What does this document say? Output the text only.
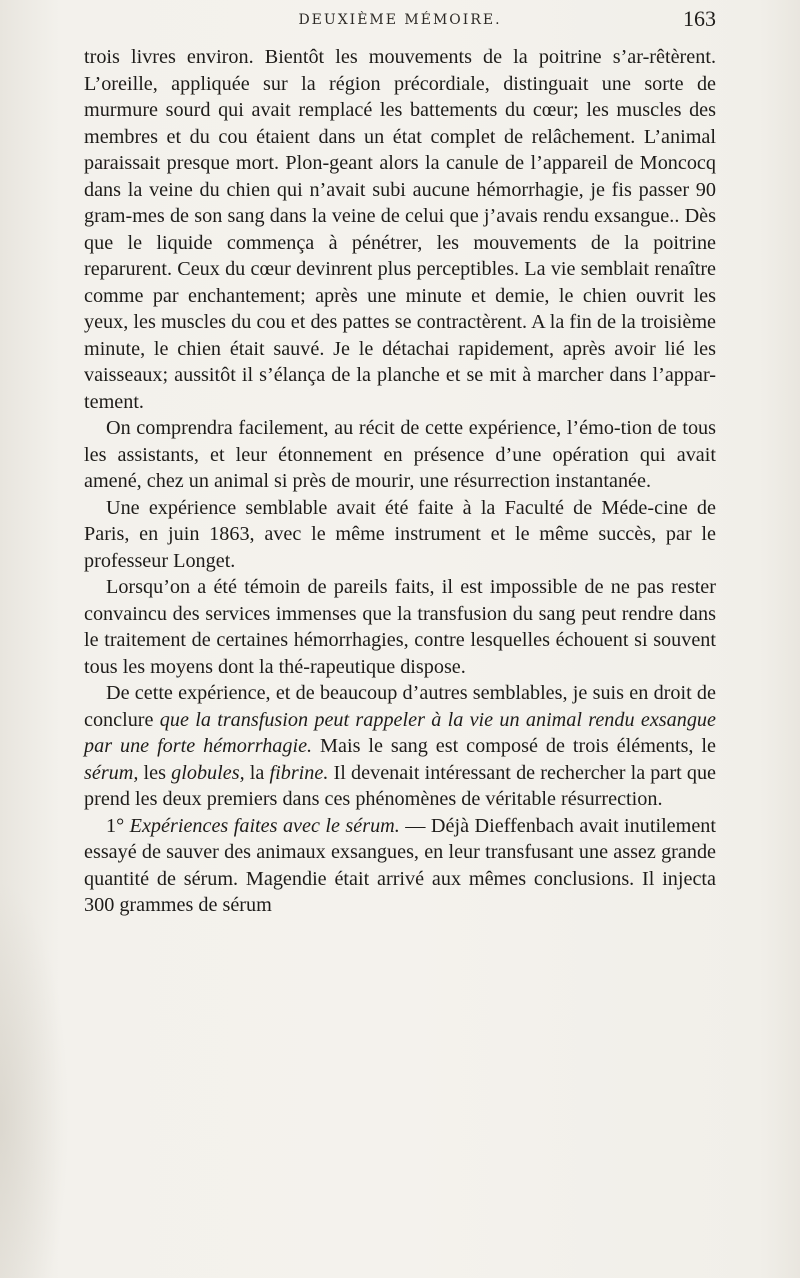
DEUXIÈME MÉMOIRE.	163

trois livres environ. Bientôt les mouvements de la poitrine s’ar-rêtèrent. L’oreille, appliquée sur la région précordiale, distinguait une sorte de murmure sourd qui avait remplacé les battements du cœur; les muscles des membres et du cou étaient dans un état complet de relâchement. L’animal paraissait presque mort. Plon-geant alors la canule de l’appareil de Moncocq dans la veine du chien qui n’avait subi aucune hémorrhagie, je fis passer 90 gram-mes de son sang dans la veine de celui que j’avais rendu exsangue.. Dès que le liquide commença à pénétrer, les mouvements de la poitrine reparurent. Ceux du cœur devinrent plus perceptibles. La vie semblait renaître comme par enchantement; après une minute et demie, le chien ouvrit les yeux, les muscles du cou et des pattes se contractèrent. A la fin de la troisième minute, le chien était sauvé. Je le détachai rapidement, après avoir lié les vaisseaux; aussitôt il s’élança de la planche et se mit à marcher dans l’appar-tement.

On comprendra facilement, au récit de cette expérience, l’émo-tion de tous les assistants, et leur étonnement en présence d’une opération qui avait amené, chez un animal si près de mourir, une résurrection instantanée.

Une expérience semblable avait été faite à la Faculté de Méde-cine de Paris, en juin 1863, avec le même instrument et le même succès, par le professeur Longet.

Lorsqu’on a été témoin de pareils faits, il est impossible de ne pas rester convaincu des services immenses que la transfusion du sang peut rendre dans le traitement de certaines hémorrhagies, contre lesquelles échouent si souvent tous les moyens dont la thé-rapeutique dispose.

De cette expérience, et de beaucoup d’autres semblables, je suis en droit de conclure que la transfusion peut rappeler à la vie un animal rendu exsangue par une forte hémorrhagie. Mais le sang est composé de trois éléments, le sérum, les globules, la fibrine. Il devenait intéressant de rechercher la part que prend les deux premiers dans ces phénomènes de véritable résurrection.

1° Expériences faites avec le sérum. — Déjà Dieffenbach avait inutilement essayé de sauver des animaux exsangues, en leur transfusant une assez grande quantité de sérum. Magendie était arrivé aux mêmes conclusions. Il injecta 300 grammes de sérum
